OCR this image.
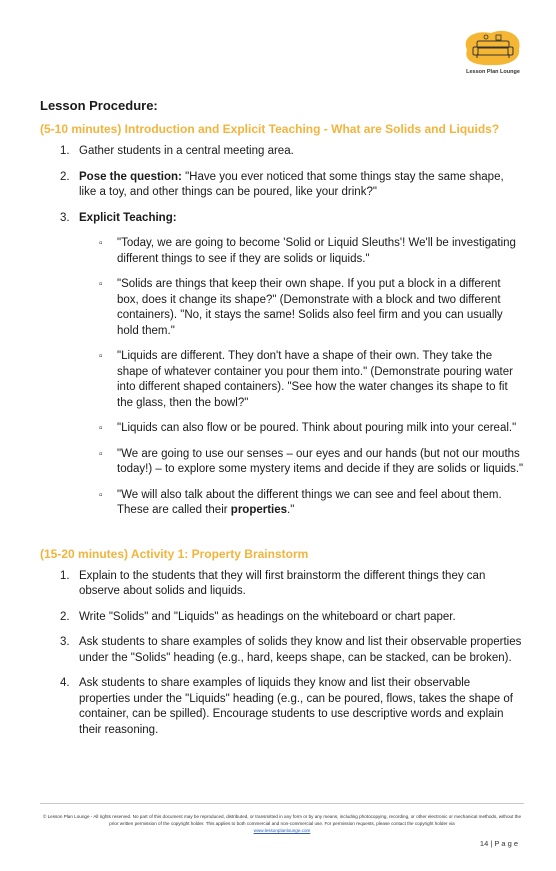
Lesson Plan Lounge
Lesson Procedure:
(5-10 minutes) Introduction and Explicit Teaching - What are Solids and Liquids?
1. Gather students in a central meeting area.
2. Pose the question: "Have you ever noticed that some things stay the same shape, like a toy, and other things can be poured, like your drink?"
3. Explicit Teaching:
▫ "Today, we are going to become 'Solid or Liquid Sleuths'! We'll be investigating different things to see if they are solids or liquids."
▫ "Solids are things that keep their own shape. If you put a block in a different box, does it change its shape?" (Demonstrate with a block and two different containers). "No, it stays the same! Solids also feel firm and you can usually hold them."
▫ "Liquids are different. They don't have a shape of their own. They take the shape of whatever container you pour them into." (Demonstrate pouring water into different shaped containers). "See how the water changes its shape to fit the glass, then the bowl?"
▫ "Liquids can also flow or be poured. Think about pouring milk into your cereal."
▫ "We are going to use our senses – our eyes and our hands (but not our mouths today!) – to explore some mystery items and decide if they are solids or liquids."
▫ "We will also talk about the different things we can see and feel about them. These are called their properties."
(15-20 minutes) Activity 1: Property Brainstorm
1. Explain to the students that they will first brainstorm the different things they can observe about solids and liquids.
2. Write "Solids" and "Liquids" as headings on the whiteboard or chart paper.
3. Ask students to share examples of solids they know and list their observable properties under the "Solids" heading (e.g., hard, keeps shape, can be stacked, can be broken).
4. Ask students to share examples of liquids they know and list their observable properties under the "Liquids" heading (e.g., can be poured, flows, takes the shape of container, can be spilled). Encourage students to use descriptive words and explain their reasoning.
© Lesson Plan Lounge - All rights reserved. No part of this document may be reproduced, distributed, or transmitted in any form or by any means, including photocopying, recording, or other electronic or mechanical methods, without the prior written permission of the copyright holder. This applies to both commercial and non-commercial use. For permission requests, please contact the copyright holder via
www.lessonplanlounge.com
14 | P a g e
